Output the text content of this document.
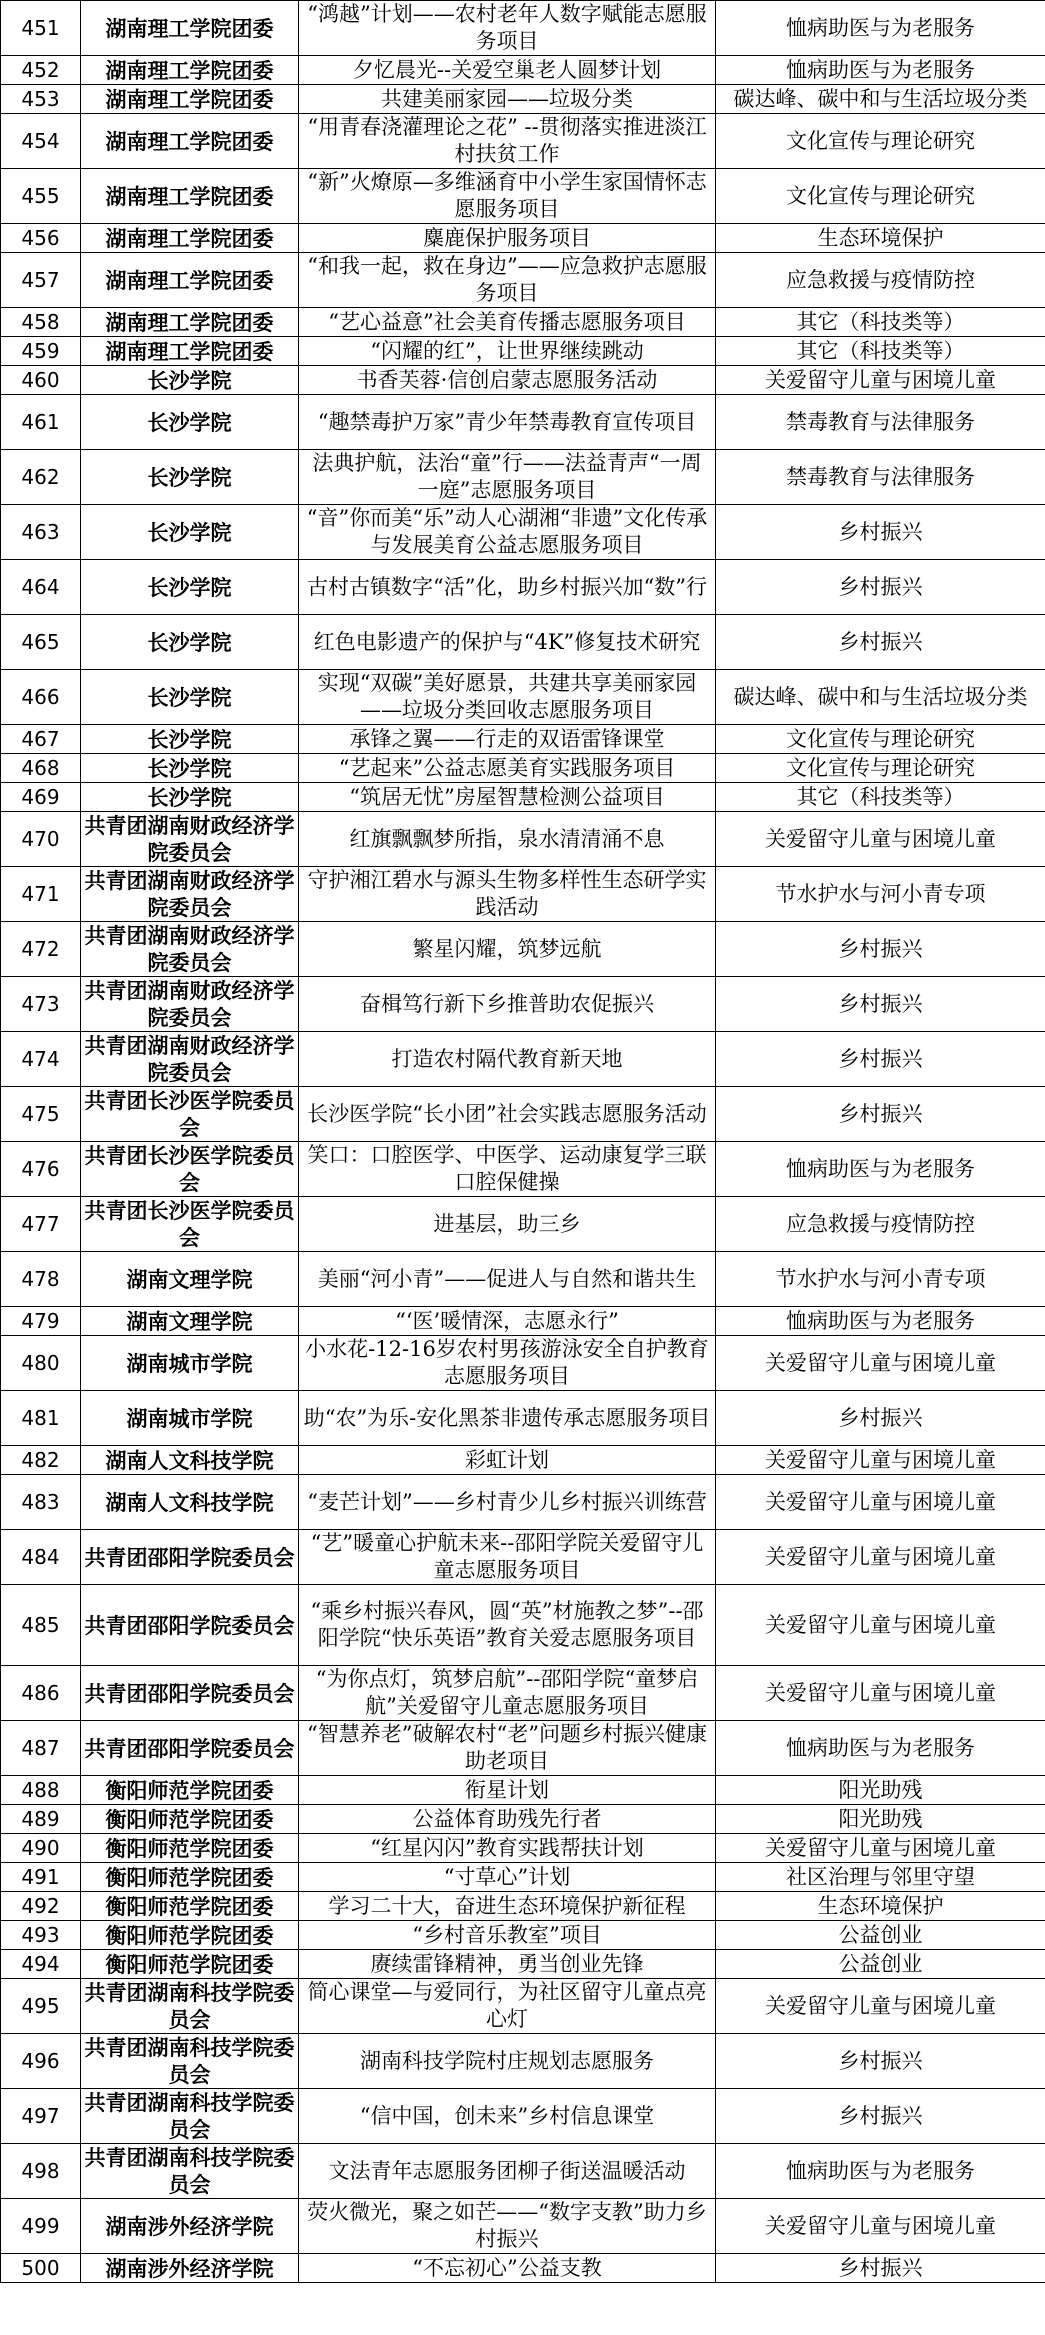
451	湖南理工学院团委	“鸿越”计划——农村老年人数字赋能志愿服务项目	恤病助医与为老服务
452	湖南理工学院团委	夕忆晨光--关爱空巢老人圆梦计划	恤病助医与为老服务
453	湖南理工学院团委	共建美丽家园——垃圾分类	碳达峰、碳中和与生活垃圾分类
454	湖南理工学院团委	“用青春浇灌理论之花” --贯彻落实推进淡江村扶贫工作	文化宣传与理论研究
455	湖南理工学院团委	“新”火燎原—多维涵育中小学生家国情怀志愿服务项目	文化宣传与理论研究
456	湖南理工学院团委	麋鹿保护服务项目	生态环境保护
457	湖南理工学院团委	“和我一起，救在身边”——应急救护志愿服务项目	应急救援与疫情防控
458	湖南理工学院团委	“艺心益意”社会美育传播志愿服务项目	其它（科技类等）
459	湖南理工学院团委	“闪耀的红”，让世界继续跳动	其它（科技类等）
460	长沙学院	书香芙蓉·信创启蒙志愿服务活动	关爱留守儿童与困境儿童
461	长沙学院	“趣禁毒护万家”青少年禁毒教育宣传项目	禁毒教育与法律服务
462	长沙学院	法典护航，法治“童”行——法益青声“一周一庭”志愿服务项目	禁毒教育与法律服务
463	长沙学院	“音”你而美“乐”动人心湖湘“非遗”文化传承与发展美育公益志愿服务项目	乡村振兴
464	长沙学院	古村古镇数字“活”化，助乡村振兴加“数”行	乡村振兴
465	长沙学院	红色电影遗产的保护与“4K”修复技术研究	乡村振兴
466	长沙学院	实现“双碳”美好愿景，共建共享美丽家园——垃圾分类回收志愿服务项目	碳达峰、碳中和与生活垃圾分类
467	长沙学院	承锋之翼——行走的双语雷锋课堂	文化宣传与理论研究
468	长沙学院	“艺起来”公益志愿美育实践服务项目	文化宣传与理论研究
469	长沙学院	“筑居无忧”房屋智慧检测公益项目	其它（科技类等）
470	共青团湖南财政经济学院委员会	红旗飘飘梦所指，泉水清清涌不息	关爱留守儿童与困境儿童
471	共青团湖南财政经济学院委员会	守护湘江碧水与源头生物多样性生态研学实践活动	节水护水与河小青专项
472	共青团湖南财政经济学院委员会	繁星闪耀，筑梦远航	乡村振兴
473	共青团湖南财政经济学院委员会	奋楫笃行新下乡推普助农促振兴	乡村振兴
474	共青团湖南财政经济学院委员会	打造农村隔代教育新天地	乡村振兴
475	共青团长沙医学院委员会	长沙医学院“长小团”社会实践志愿服务活动	乡村振兴
476	共青团长沙医学院委员会	笑口：口腔医学、中医学、运动康复学三联口腔保健操	恤病助医与为老服务
477	共青团长沙医学院委员会	进基层，助三乡	应急救援与疫情防控
478	湖南文理学院	美丽“河小青”——促进人与自然和谐共生	节水护水与河小青专项
479	湖南文理学院	“‘医’暖情深，志愿永行”	恤病助医与为老服务
480	湖南城市学院	小水花-12-16岁农村男孩游泳安全自护教育志愿服务项目	关爱留守儿童与困境儿童
481	湖南城市学院	助“农”为乐-安化黑茶非遗传承志愿服务项目	乡村振兴
482	湖南人文科技学院	彩虹计划	关爱留守儿童与困境儿童
483	湖南人文科技学院	“麦芒计划”——乡村青少儿乡村振兴训练营	关爱留守儿童与困境儿童
484	共青团邵阳学院委员会	“艺”暖童心护航未来--邵阳学院关爱留守儿童志愿服务项目	关爱留守儿童与困境儿童
485	共青团邵阳学院委员会	“乘乡村振兴春风，圆“英”材施教之梦”--邵阳学院“快乐英语”教育关爱志愿服务项目	关爱留守儿童与困境儿童
486	共青团邵阳学院委员会	“为你点灯，筑梦启航”--邵阳学院“童梦启航”关爱留守儿童志愿服务项目	关爱留守儿童与困境儿童
487	共青团邵阳学院委员会	“智慧养老”破解农村“老”问题乡村振兴健康助老项目	恤病助医与为老服务
488	衡阳师范学院团委	衔星计划	阳光助残
489	衡阳师范学院团委	公益体育助残先行者	阳光助残
490	衡阳师范学院团委	“红星闪闪”教育实践帮扶计划	关爱留守儿童与困境儿童
491	衡阳师范学院团委	“寸草心”计划	社区治理与邻里守望
492	衡阳师范学院团委	学习二十大，奋进生态环境保护新征程	生态环境保护
493	衡阳师范学院团委	“乡村音乐教室”项目	公益创业
494	衡阳师范学院团委	赓续雷锋精神，勇当创业先锋	公益创业
495	共青团湖南科技学院委员会	简心课堂—与爱同行，为社区留守儿童点亮心灯	关爱留守儿童与困境儿童
496	共青团湖南科技学院委员会	湖南科技学院村庄规划志愿服务	乡村振兴
497	共青团湖南科技学院委员会	“信中国，创未来”乡村信息课堂	乡村振兴
498	共青团湖南科技学院委员会	文法青年志愿服务团柳子街送温暖活动	恤病助医与为老服务
499	湖南涉外经济学院	荧火微光，聚之如芒——“数字支教”助力乡村振兴	关爱留守儿童与困境儿童
500	湖南涉外经济学院	“不忘初心”公益支教	乡村振兴
